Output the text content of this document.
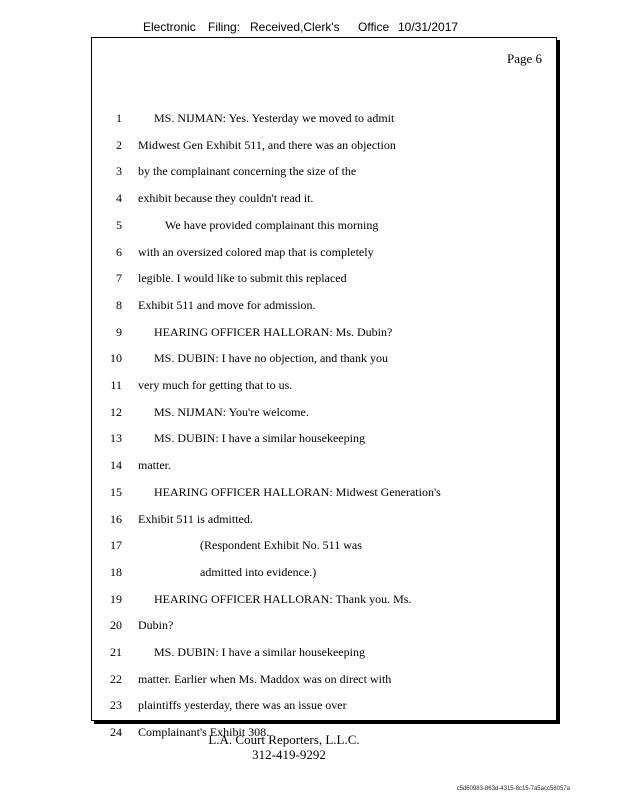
Electronic Filing: Received,Clerk's Office 10/31/2017
Page 6
1
2
3
4
5
6
7
8
9
10
11
12
13
14
15
16
17
18
19
20
21
22
23
24
MS. NIJMAN: Yes. Yesterday we moved to admit
Midwest Gen Exhibit 511, and there was an objection
by the complainant concerning the size of the
exhibit because they couldn't read it.
We have provided complainant this morning
with an oversized colored map that is completely
legible. I would like to submit this replaced
Exhibit 511 and move for admission.
HEARING OFFICER HALLORAN: Ms. Dubin?
MS. DUBIN: I have no objection, and thank you
very much for getting that to us.
MS. NIJMAN: You're welcome.
MS. DUBIN: I have a similar housekeeping
matter.
HEARING OFFICER HALLORAN: Midwest Generation's
Exhibit 511 is admitted.
(Respondent Exhibit No. 511 was
admitted into evidence.)
HEARING OFFICER HALLORAN: Thank you. Ms.
Dubin?
MS. DUBIN: I have a similar housekeeping
matter. Earlier when Ms. Maddox was on direct with
plaintiffs yesterday, there was an issue over
Complainant's Exhibit 308.
L.A. Court Reporters, L.L.C.
312-419-9292
c5d60983-863d-4315-8c15-7a5acc58057a
